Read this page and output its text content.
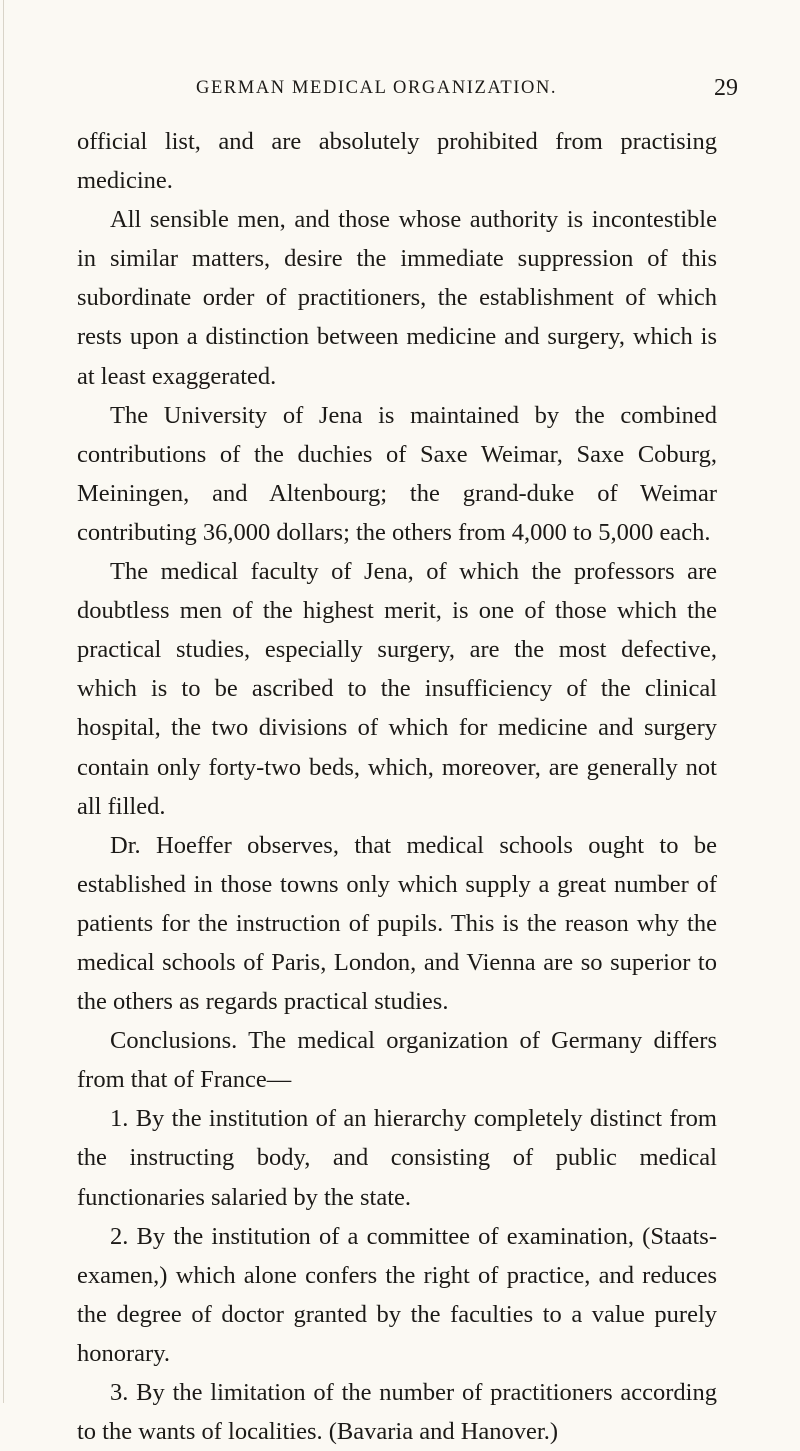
GERMAN MEDICAL ORGANIZATION.	29

official list, and are absolutely prohibited from practising medicine.

All sensible men, and those whose authority is incontestible in similar matters, desire the immediate suppression of this subordinate order of practitioners, the establishment of which rests upon a distinction between medicine and surgery, which is at least exaggerated.

The University of Jena is maintained by the combined contributions of the duchies of Saxe Weimar, Saxe Coburg, Meiningen, and Altenbourg; the grand-duke of Weimar contributing 36,000 dollars; the others from 4,000 to 5,000 each.

The medical faculty of Jena, of which the professors are doubtless men of the highest merit, is one of those which the practical studies, especially surgery, are the most defective, which is to be ascribed to the insufficiency of the clinical hospital, the two divisions of which for medicine and surgery contain only forty-two beds, which, moreover, are generally not all filled.

Dr. Hoeffer observes, that medical schools ought to be established in those towns only which supply a great number of patients for the instruction of pupils. This is the reason why the medical schools of Paris, London, and Vienna are so superior to the others as regards practical studies.

Conclusions. The medical organization of Germany differs from that of France—

1. By the institution of an hierarchy completely distinct from the instructing body, and consisting of public medical functionaries salaried by the state.

2. By the institution of a committee of examination, (Staats-examen,) which alone confers the right of practice, and reduces the degree of doctor granted by the faculties to a value purely honorary.

3. By the limitation of the number of practitioners according to the wants of localities. (Bavaria and Hanover.)
